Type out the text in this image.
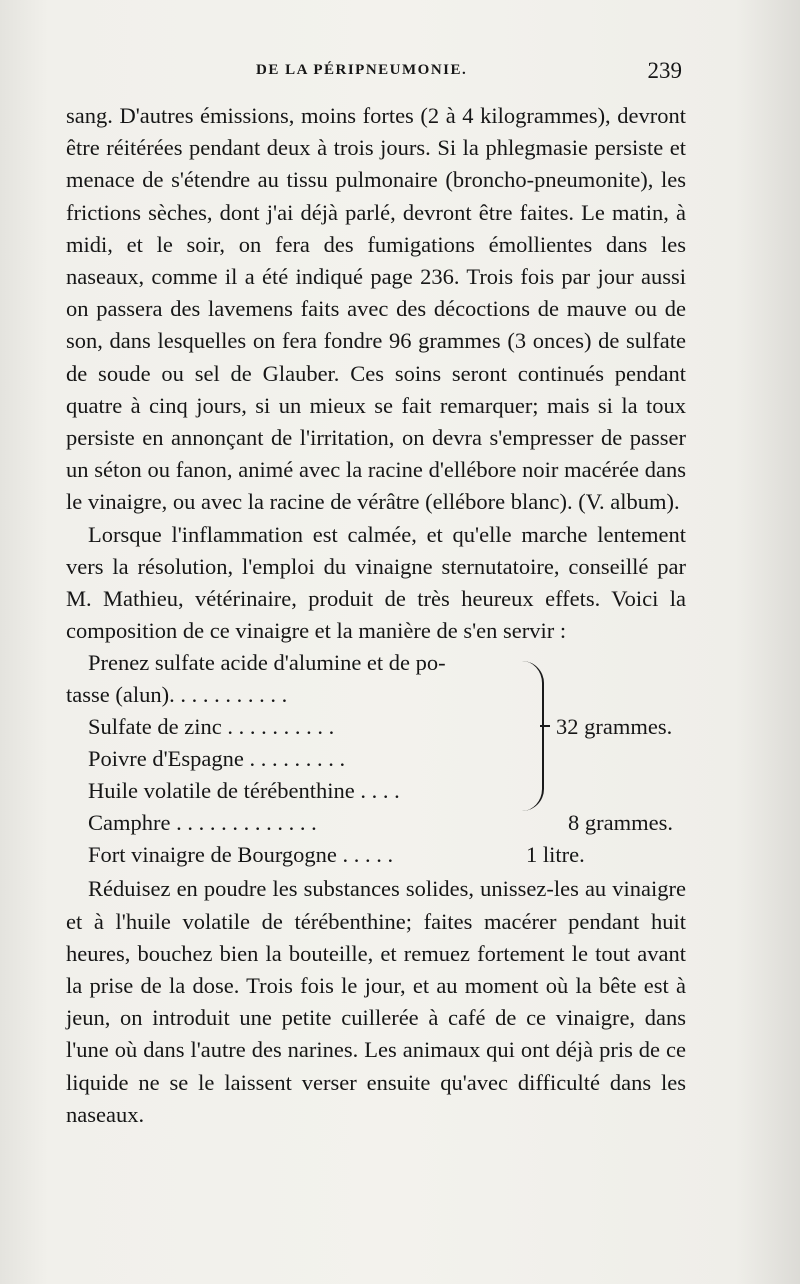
DE LA PÉRIPNEUMONIE.	239

sang. D'autres émissions, moins fortes (2 à 4 kilogrammes), devront être réitérées pendant deux à trois jours. Si la phlegmasie persiste et menace de s'étendre au tissu pulmonaire (broncho-pneumonite), les frictions sèches, dont j'ai déjà parlé, devront être faites. Le matin, à midi, et le soir, on fera des fumigations émollientes dans les naseaux, comme il a été indiqué page 236. Trois fois par jour aussi on passera des lavemens faits avec des décoctions de mauve ou de son, dans lesquelles on fera fondre 96 grammes (3 onces) de sulfate de soude ou sel de Glauber. Ces soins seront continués pendant quatre à cinq jours, si un mieux se fait remarquer; mais si la toux persiste en annonçant de l'irritation, on devra s'empresser de passer un séton ou fanon, animé avec la racine d'ellébore noir macérée dans le vinaigre, ou avec la racine de vérâtre (ellébore blanc). (V. album).

Lorsque l'inflammation est calmée, et qu'elle marche lentement vers la résolution, l'emploi du vinaigne sternutatoire, conseillé par M. Mathieu, vétérinaire, produit de très heureux effets. Voici la composition de ce vinaigre et la manière de s'en servir :

Prenez sulfate acide d'alumine et de po-
tasse (alun). . . . . . . . . . .
Sulfate de zinc . . . . . . . . . .
Poivre d'Espagne . . . . . . . . .
Huile volatile de térébenthine . . . .
Camphre . . . . . . . . . . . . .
Fort vinaigre de Bourgogne . . . . .
32 grammes.
8 grammes.
1 litre.

Réduisez en poudre les substances solides, unissez-les au vinaigre et à l'huile volatile de térébenthine; faites macérer pendant huit heures, bouchez bien la bouteille, et remuez fortement le tout avant la prise de la dose. Trois fois le jour, et au moment où la bête est à jeun, on introduit une petite cuillerée à café de ce vinaigre, dans l'une où dans l'autre des narines. Les animaux qui ont déjà pris de ce liquide ne se le laissent verser ensuite qu'avec difficulté dans les naseaux.
